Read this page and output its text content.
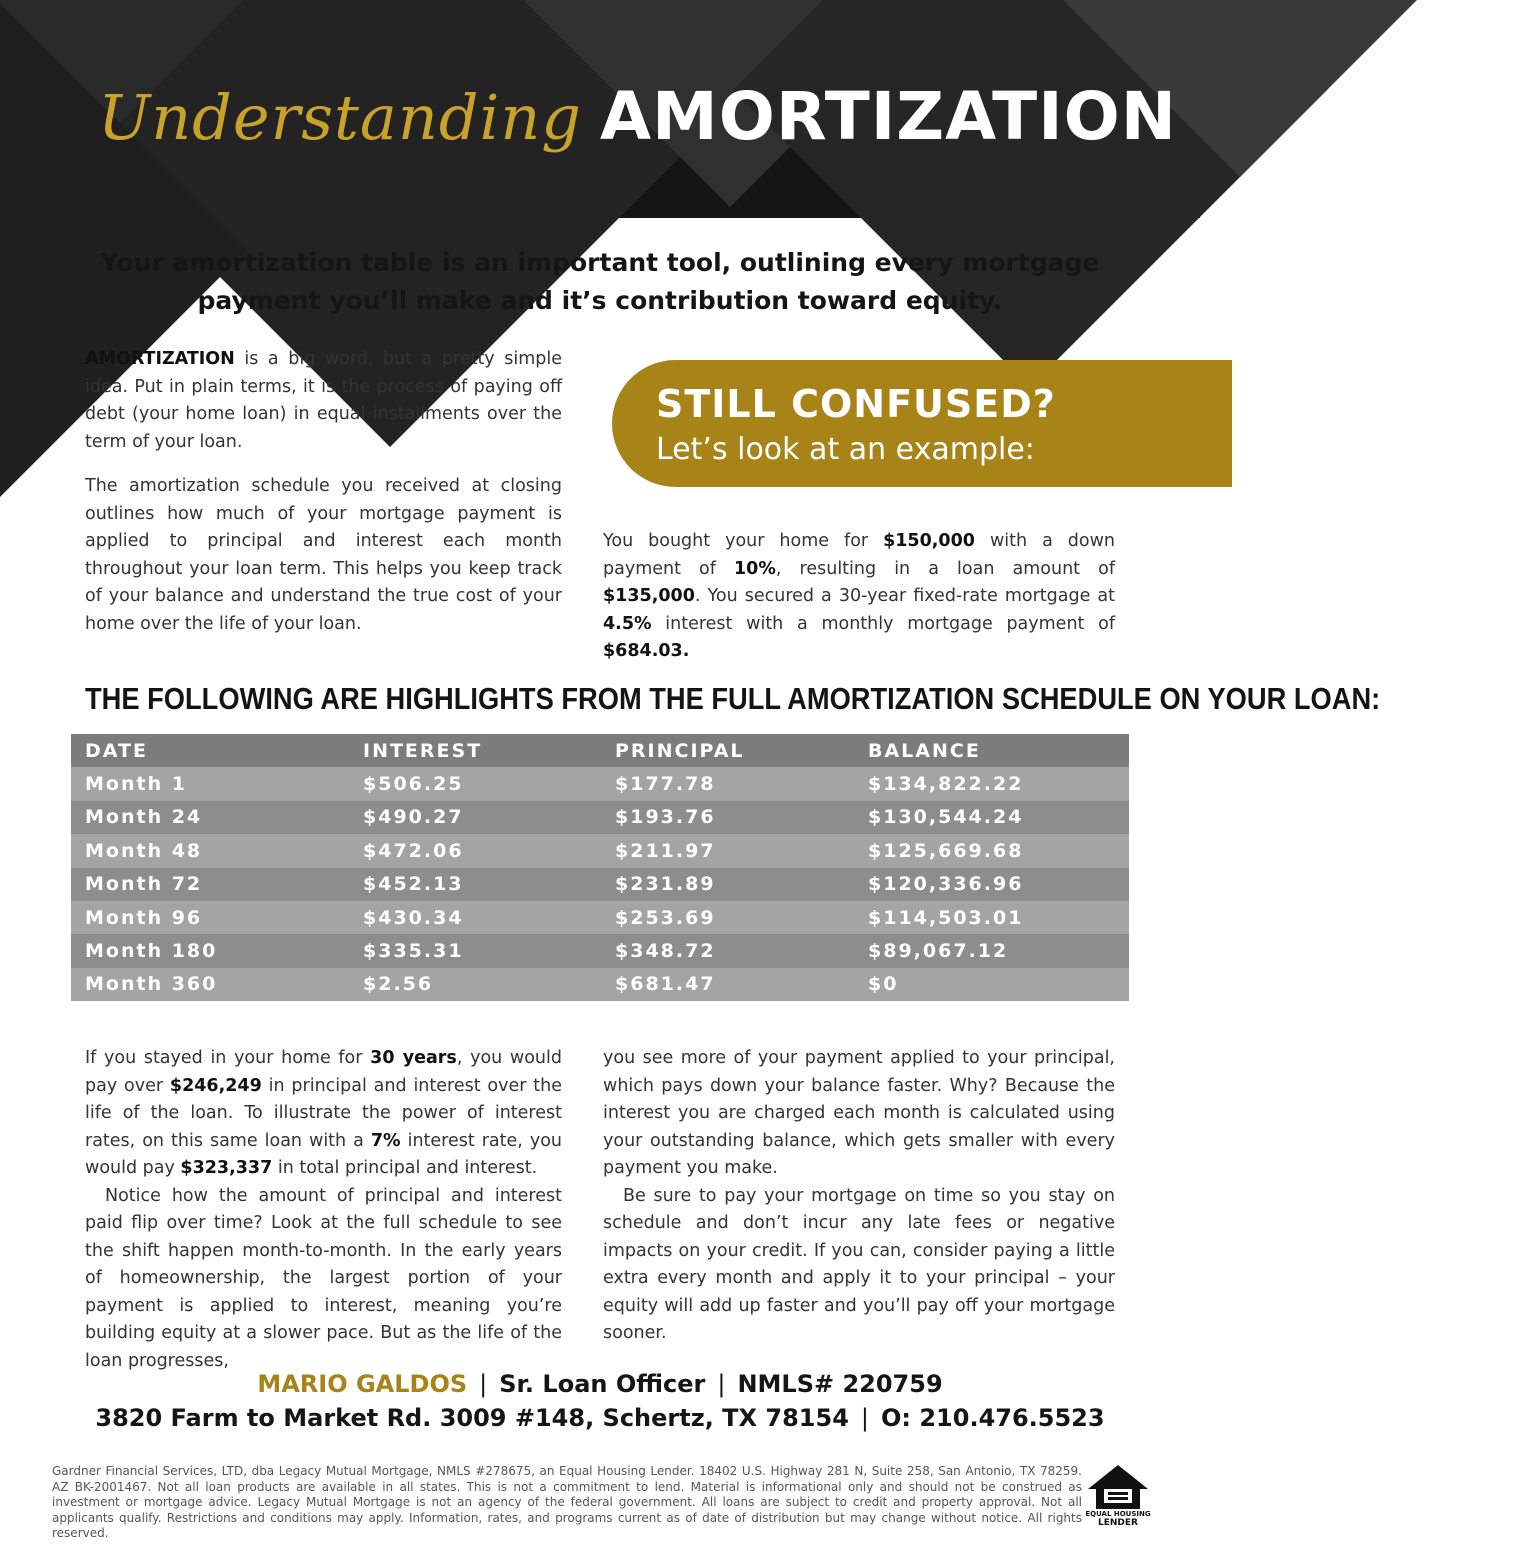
Understanding AMORTIZATION
Your amortization table is an important tool, outlining every mortgage payment you’ll make and it’s contribution toward equity.

AMORTIZATION is a big word, but a pretty simple idea. Put in plain terms, it is the process of paying off debt (your home loan) in equal installments over the term of your loan.

The amortization schedule you received at closing outlines how much of your mortgage payment is applied to principal and interest each month throughout your loan term. This helps you keep track of your balance and understand the true cost of your home over the life of your loan.

STILL CONFUSED?
Let’s look at an example:

You bought your home for $150,000 with a down payment of 10%, resulting in a loan amount of $135,000. You secured a 30-year fixed-rate mortgage at 4.5% interest with a monthly mortgage payment of $684.03.

THE FOLLOWING ARE HIGHLIGHTS FROM THE FULL AMORTIZATION SCHEDULE ON YOUR LOAN:
DATE	INTEREST	PRINCIPAL	BALANCE
Month 1	$506.25	$177.78	$134,822.22
Month 24	$490.27	$193.76	$130,544.24
Month 48	$472.06	$211.97	$125,669.68
Month 72	$452.13	$231.89	$120,336.96
Month 96	$430.34	$253.69	$114,503.01
Month 180	$335.31	$348.72	$89,067.12
Month 360	$2.56	$681.47	$0

If you stayed in your home for 30 years, you would pay over $246,249 in principal and interest over the life of the loan. To illustrate the power of interest rates, on this same loan with a 7% interest rate, you would pay $323,337 in total principal and interest.

Notice how the amount of principal and interest paid flip over time? Look at the full schedule to see the shift happen month-to-month. In the early years of homeownership, the largest portion of your payment is applied to interest, meaning you’re building equity at a slower pace. But as the life of the loan progresses,

you see more of your payment applied to your principal, which pays down your balance faster. Why? Because the interest you are charged each month is calculated using your outstanding balance, which gets smaller with every payment you make.

Be sure to pay your mortgage on time so you stay on schedule and don’t incur any late fees or negative impacts on your credit. If you can, consider paying a little extra every month and apply it to your principal – your equity will add up faster and you’ll pay off your mortgage sooner.

MARIO GALDOS | Sr. Loan Officer | NMLS# 220759
3820 Farm to Market Rd. 3009 #148, Schertz, TX 78154 | O: 210.476.5523
Gardner Financial Services, LTD, dba Legacy Mutual Mortgage, NMLS #278675, an Equal Housing Lender. 18402 U.S. Highway 281 N, Suite 258, San Antonio, TX 78259. AZ BK-2001467. Not all loan products are available in all states. This is not a commitment to lend. Material is informational only and should not be construed as investment or mortgage advice. Legacy Mutual Mortgage is not an agency of the federal government. All loans are subject to credit and property approval. Not all applicants qualify. Restrictions and conditions may apply. Information, rates, and programs current as of date of distribution but may change without notice. All rights reserved.
EQUAL HOUSING
LENDER
